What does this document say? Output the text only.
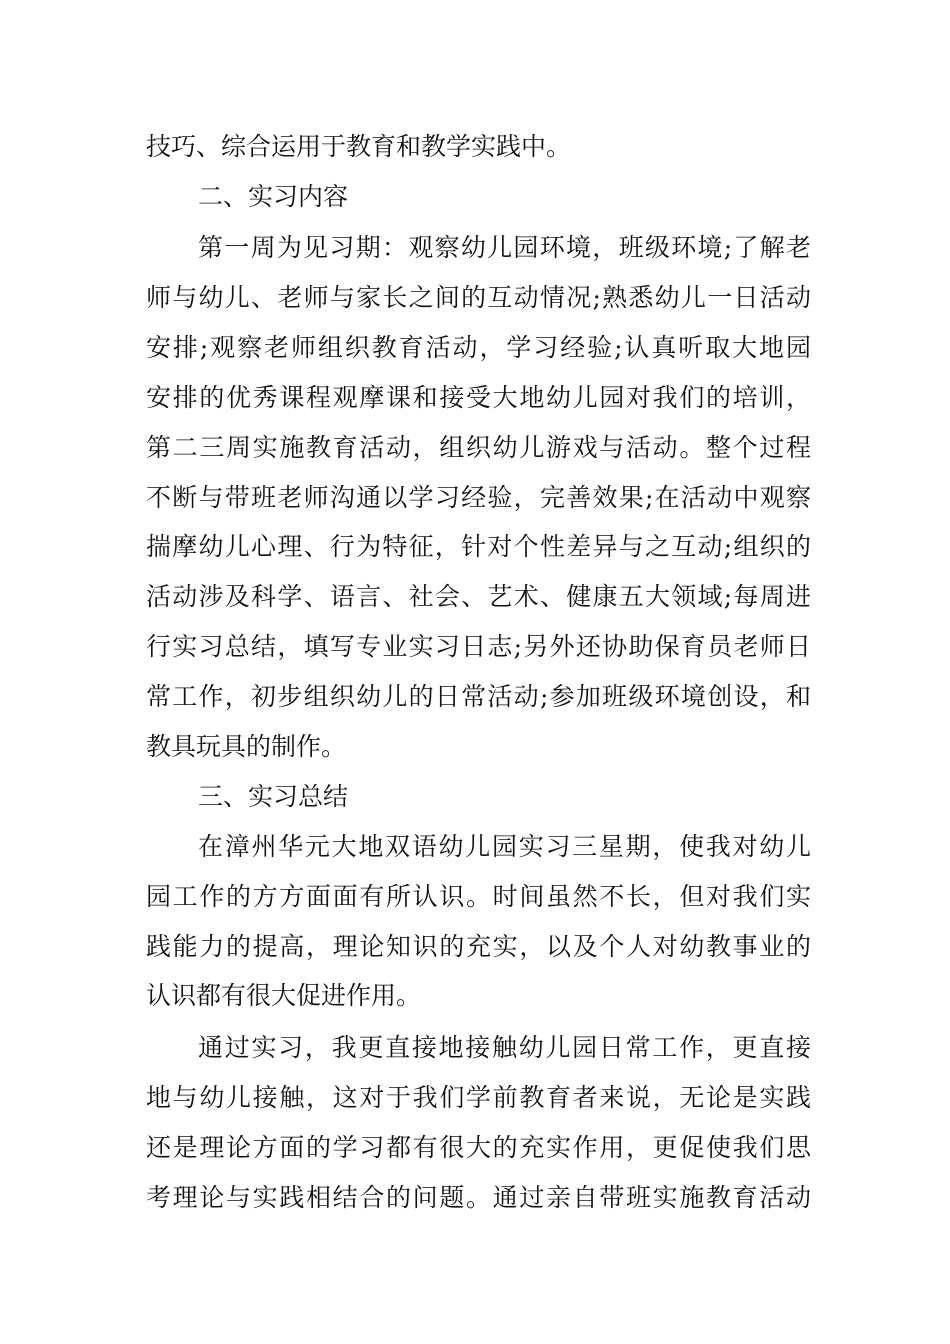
技巧、综合运用于教育和教学实践中。
二、实习内容
第一周为见习期：观察幼儿园环境，班级环境;了解老
师与幼儿、老师与家长之间的互动情况;熟悉幼儿一日活动
安排;观察老师组织教育活动，学习经验;认真听取大地园
安排的优秀课程观摩课和接受大地幼儿园对我们的培训，
第二三周实施教育活动，组织幼儿游戏与活动。整个过程
不断与带班老师沟通以学习经验，完善效果;在活动中观察
揣摩幼儿心理、行为特征，针对个性差异与之互动;组织的
活动涉及科学、语言、社会、艺术、健康五大领域;每周进
行实习总结，填写专业实习日志;另外还协助保育员老师日
常工作，初步组织幼儿的日常活动;参加班级环境创设，和
教具玩具的制作。
三、实习总结
在漳州华元大地双语幼儿园实习三星期，使我对幼儿
园工作的方方面面有所认识。时间虽然不长，但对我们实
践能力的提高，理论知识的充实，以及个人对幼教事业的
认识都有很大促进作用。
通过实习，我更直接地接触幼儿园日常工作，更直接
地与幼儿接触，这对于我们学前教育者来说，无论是实践
还是理论方面的学习都有很大的充实作用，更促使我们思
考理论与实践相结合的问题。通过亲自带班实施教育活动
